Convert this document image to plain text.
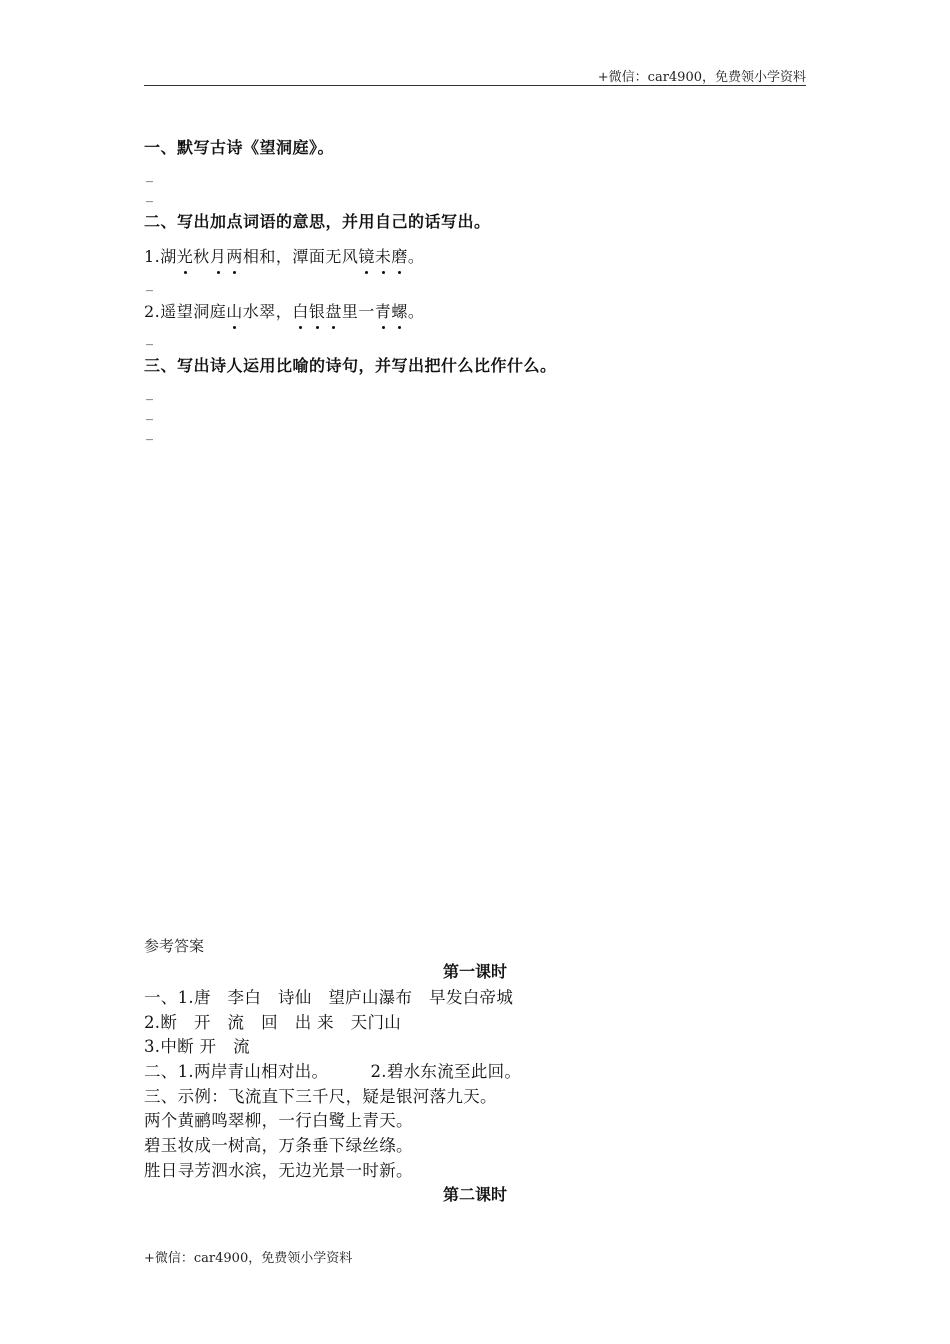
+微信：car4900，免费领小学资料
一、默写古诗《望洞庭》。
_
_
二、写出加点词语的意思，并用自己的话写出。
1.湖光秋月两相和，潭面无风镜未磨。
_
2.遥望洞庭山水翠，白银盘里一青螺。
_
三、写出诗人运用比喻的诗句，并写出把什么比作什么。
_
_
_
参考答案
第一课时
一、1.唐　李白　诗仙　望庐山瀑布　早发白帝城
2.断　开　流　回　出 来　天门山
3.中断 开　流
二、1.两岸青山相对出。　　　2.碧水东流至此回。
三、示例：飞流直下三千尺，疑是银河落九天。
两个黄鹂鸣翠柳，一行白鹭上青天。
碧玉妆成一树高，万条垂下绿丝绦。
胜日寻芳泗水滨，无边光景一时新。
第二课时
+微信：car4900，免费领小学资料
